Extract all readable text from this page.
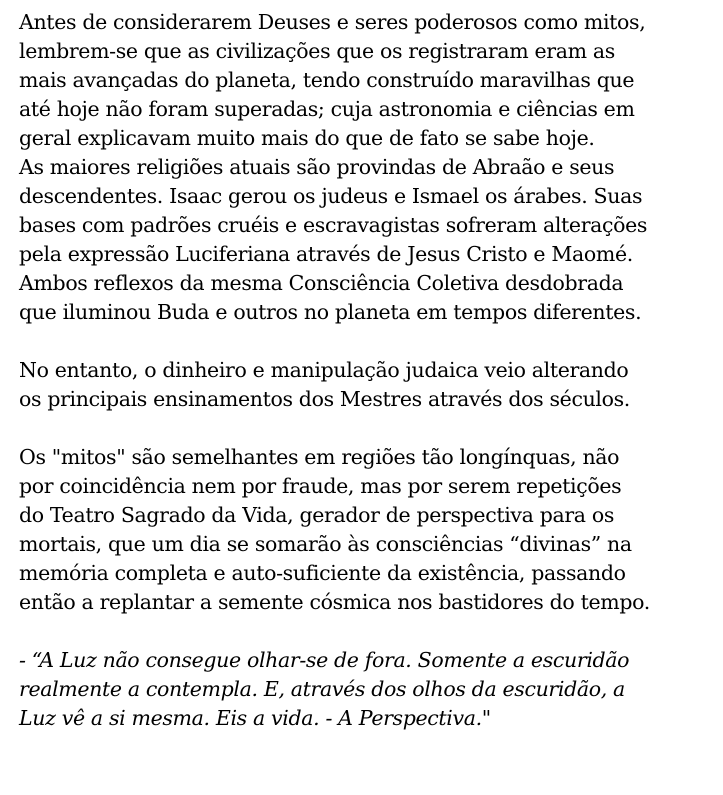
Antes de considerarem Deuses e seres poderosos como mitos,
lembrem-se que as civilizações que os registraram eram as
mais avançadas do planeta, tendo construído maravilhas que
até hoje não foram superadas; cuja astronomia e ciências em
geral explicavam muito mais do que de fato se sabe hoje.
As maiores religiões atuais são provindas de Abraão e seus
descendentes. Isaac gerou os judeus e Ismael os árabes. Suas
bases com padrões cruéis e escravagistas sofreram alterações
pela expressão Luciferiana através de Jesus Cristo e Maomé.
Ambos reflexos da mesma Consciência Coletiva desdobrada
que iluminou Buda e outros no planeta em tempos diferentes.
No entanto, o dinheiro e manipulação judaica veio alterando
os principais ensinamentos dos Mestres através dos séculos.
Os "mitos" são semelhantes em regiões tão longínquas, não
por coincidência nem por fraude, mas por serem repetições
do Teatro Sagrado da Vida, gerador de perspectiva para os
mortais, que um dia se somarão às consciências “divinas” na
memória completa e auto-suficiente da existência, passando
então a replantar a semente cósmica nos bastidores do tempo.
- “A Luz não consegue olhar-se de fora. Somente a escuridão
realmente a contempla. E, através dos olhos da escuridão, a
Luz vê a si mesma. Eis a vida. - A Perspectiva."
